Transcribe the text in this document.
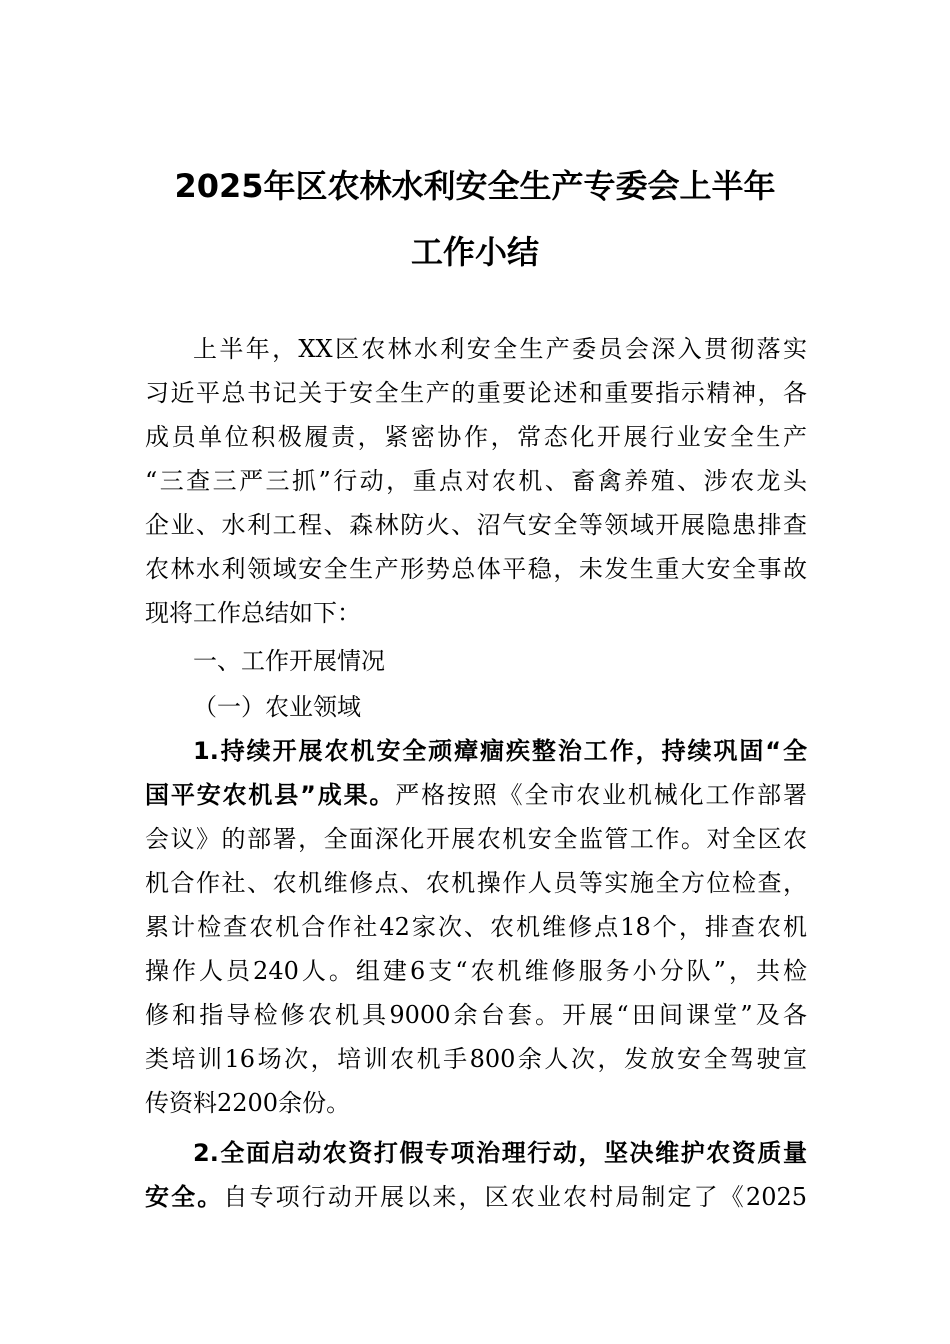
2025年区农林水利安全生产专委会上半年
工作小结

上半年，XX区农林水利安全生产委员会深入贯彻落实

习近平总书记关于安全生产的重要论述和重要指示精神，各

成员单位积极履责，紧密协作，常态化开展行业安全生产

“三查三严三抓”行动，重点对农机、畜禽养殖、涉农龙头

企业、水利工程、森林防火、沼气安全等领域开展隐患排查

农林水利领域安全生产形势总体平稳，未发生重大安全事故

现将工作总结如下：

一、工作开展情况
（一）农业领域

1.持续开展农机安全顽瘴痼疾整治工作，持续巩固“全

国平安农机县”成果。严格按照《全市农业机械化工作部署

会议》的部署，全面深化开展农机安全监管工作。对全区农

机合作社、农机维修点、农机操作人员等实施全方位检查，

累计检查农机合作社42家次、农机维修点18个，排查农机

操作人员240人。组建6支“农机维修服务小分队”，共检

修和指导检修农机具9000余台套。开展“田间课堂”及各

类培训16场次，培训农机手800余人次，发放安全驾驶宣

传资料2200余份。

2.全面启动农资打假专项治理行动，坚决维护农资质量

安全。自专项行动开展以来，区农业农村局制定了《2025
